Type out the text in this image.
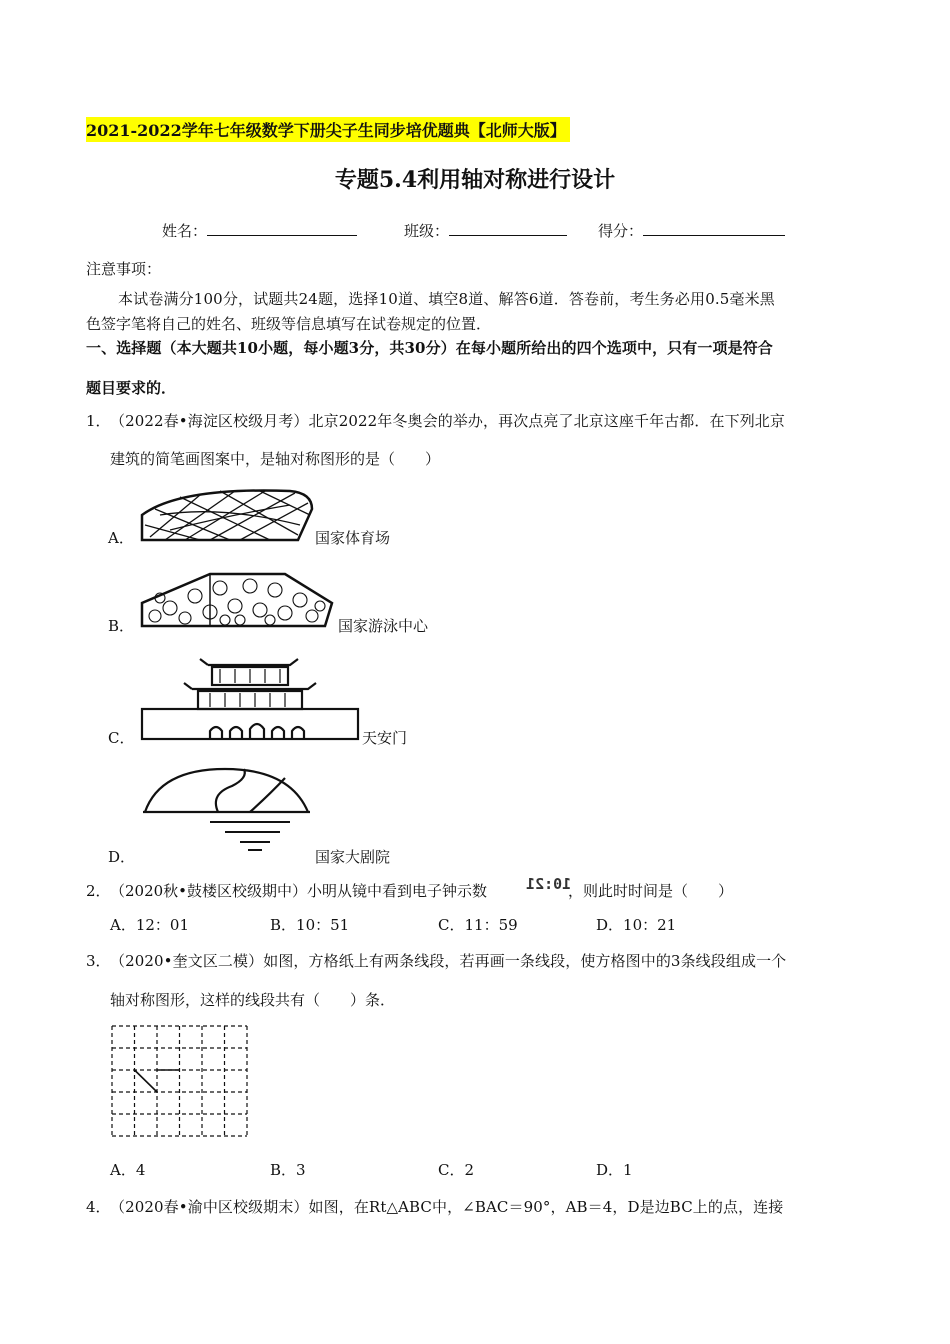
2021-2022学年七年级数学下册尖子生同步培优题典【北师大版】
专题5.4利用轴对称进行设计
姓名：	班级：	得分：
注意事项：
本试卷满分100分，试题共24题，选择10道、填空8道、解答6道．答卷前，考生务必用0.5毫米黑
色签字笔将自己的姓名、班级等信息填写在试卷规定的位置．
一、选择题（本大题共10小题，每小题3分，共30分）在每小题所给出的四个选项中，只有一项是符合
题目要求的．
1． （2022春•海淀区校级月考）北京2022年冬奥会的举办，再次点亮了北京这座千年古都．在下列北京
建筑的简笔画图案中，是轴对称图形的是（　　）
A．	国家体育场
B．	国家游泳中心
C．	天安门
D．	国家大剧院
2． （2020秋•鼓楼区校级期中）小明从镜中看到电子钟示数	10:21
，则此时时间是（　　）
A．12：01	B．10：51	C．11：59	D．10：21
3． （2020•奎文区二模）如图，方格纸上有两条线段，若再画一条线段，使方格图中的3条线段组成一个
轴对称图形，这样的线段共有（　　）条．
A．4	B．3	C．2	D．1
4． （2020春•渝中区校级期末）如图，在Rt△ABC中，∠BAC＝90°，AB＝4，D是边BC上的点，连接
